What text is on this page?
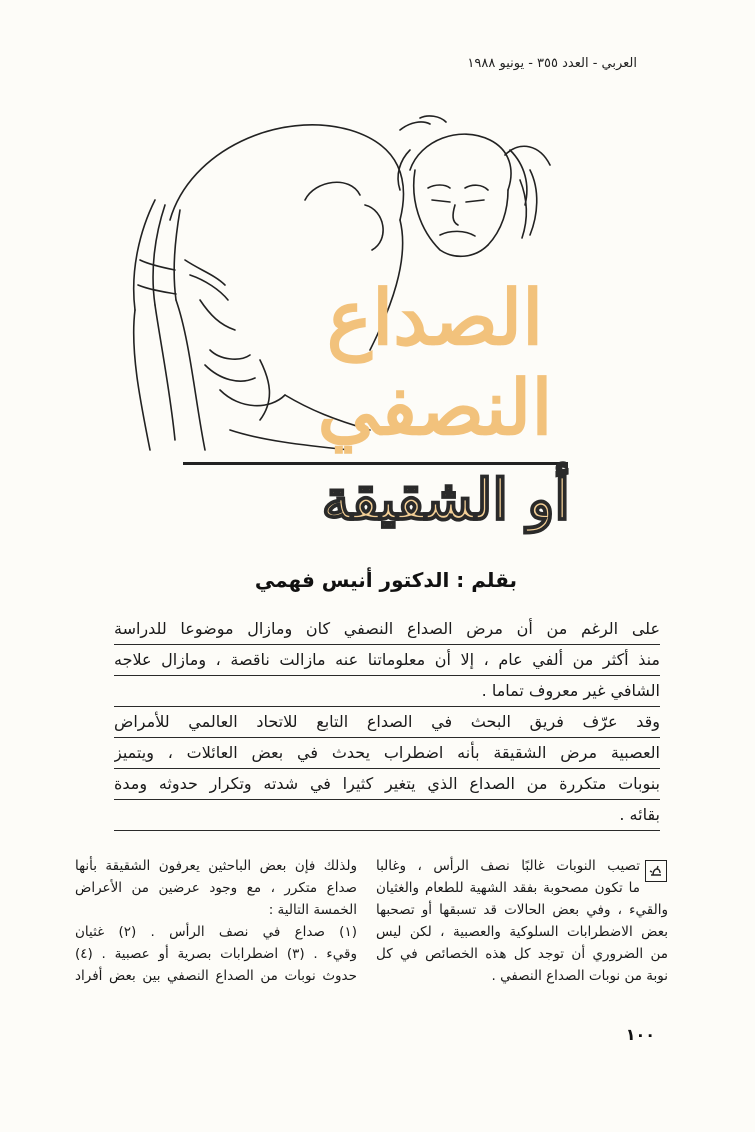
العربي - العدد ٣٥٥ - يونيو ١٩٨٨
الصداع
النصفي
أو الشقيقة
بقلم : الدكتور أنيس فهمي
على الرغم من أن مرض الصداع النصفي كان ومازال موضوعا للدراسة
منذ أكثر من ألفي عام ، إلا أن معلوماتنا عنه مازالت ناقصة ، ومازال علاجه
الشافي غير معروف تماما .
وقد عرّف فريق البحث في الصداع التابع للاتحاد العالمي للأمراض
العصبية مرض الشقيقة بأنه اضطراب يحدث في بعض العائلات ، ويتميز
بنوبات متكررة من الصداع الذي يتغير كثيرا في شدته وتكرار حدوثه ومدة
بقائه .
تصيب النوبات غالبًا نصف الرأس ، وغالبا
ما تكون مصحوبة بفقد الشهية للطعام والغثيان
والقيء ، وفي بعض الحالات قد تسبقها أو تصحبها
بعض الاضطرابات السلوكية والعصبية ، لكن ليس
من الضروري أن توجد كل هذه الخصائص في كل
نوبة من نوبات الصداع النصفي .
ولذلك فإن بعض الباحثين يعرفون الشقيقة بأنها
صداع متكرر ، مع وجود عرضين من الأعراض
الخمسة التالية :
(١) صداع في نصف الرأس . (٢) غثيان
وقيء . (٣) اضطرابات بصرية أو عصبية . (٤)
حدوث نوبات من الصداع النصفي بين بعض أفراد
١٠٠
